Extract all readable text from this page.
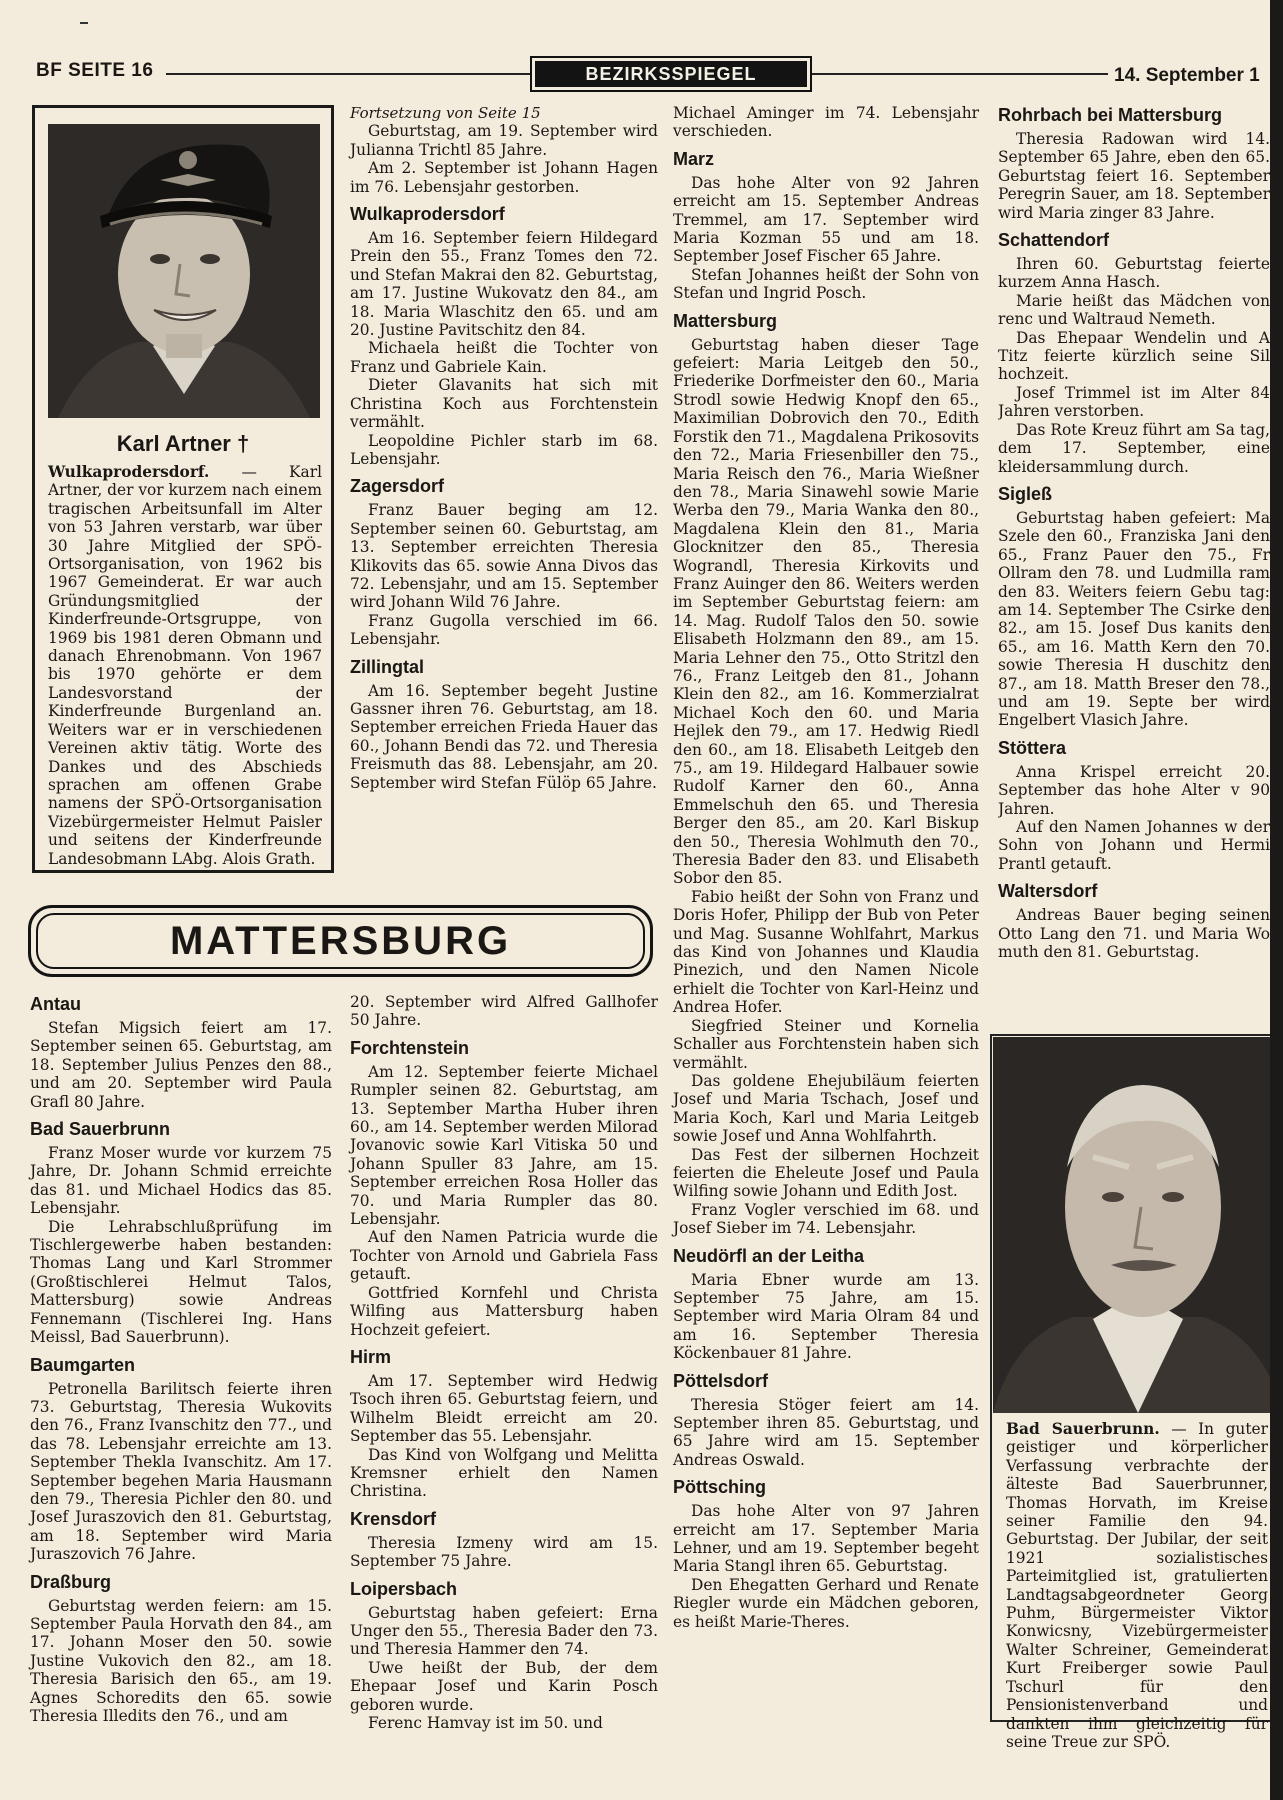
BF SEITE 16	BEZIRKSSPIEGEL	14. September 1
Karl Artner †
Wulkaprodersdorf. — Karl Artner, der vor kurzem nach einem tragischen Arbeitsunfall im Alter von 53 Jahren verstarb, war über 30 Jahre Mitglied der SPÖ-Ortsorganisation, von 1962 bis 1967 Gemeinderat. Er war auch Gründungsmitglied der Kinderfreunde-Ortsgruppe, von 1969 bis 1981 deren Obmann und danach Ehrenobmann. Von 1967 bis 1970 gehörte er dem Landesvorstand der Kinderfreunde Burgenland an. Weiters war er in verschiedenen Vereinen aktiv tätig. Worte des Dankes und des Abschieds sprachen am offenen Grabe namens der SPÖ-Ortsorganisation Vizebürgermeister Helmut Paisler und seitens der Kinderfreunde Landesobmann LAbg. Alois Grath.

Fortsetzung von Seite 15

Geburtstag, am 19. September wird Julianna Trichtl 85 Jahre.

Am 2. September ist Johann Hagen im 76. Lebensjahr gestorben.

Wulkaprodersdorf

Am 16. September feiern Hildegard Prein den 55., Franz Tomes den 72. und Stefan Makrai den 82. Geburtstag, am 17. Justine Wukovatz den 84., am 18. Maria Wlaschitz den 65. und am 20. Justine Pavitschitz den 84.

Michaela heißt die Tochter von Franz und Gabriele Kain.

Dieter Glavanits hat sich mit Christina Koch aus Forchtenstein vermählt.

Leopoldine Pichler starb im 68. Lebensjahr.

Zagersdorf

Franz Bauer beging am 12. September seinen 60. Geburtstag, am 13. September erreichten Theresia Klikovits das 65. sowie Anna Divos das 72. Lebensjahr, und am 15. September wird Johann Wild 76 Jahre.

Franz Gugolla verschied im 66. Lebensjahr.

Zillingtal

Am 16. September begeht Justine Gassner ihren 76. Geburtstag, am 18. September erreichen Frieda Hauer das 60., Johann Bendi das 72. und Theresia Freismuth das 88. Lebensjahr, am 20. September wird Stefan Fülöp 65 Jahre.

Michael Aminger im 74. Lebensjahr verschieden.

Marz

Das hohe Alter von 92 Jahren erreicht am 15. September Andreas Tremmel, am 17. September wird Maria Kozman 55 und am 18. September Josef Fischer 65 Jahre.

Stefan Johannes heißt der Sohn von Stefan und Ingrid Posch.

Mattersburg

Geburtstag haben dieser Tage gefeiert: Maria Leitgeb den 50., Friederike Dorfmeister den 60., Maria Strodl sowie Hedwig Knopf den 65., Maximilian Dobrovich den 70., Edith Forstik den 71., Magdalena Prikosovits den 72., Maria Friesenbiller den 75., Maria Reisch den 76., Maria Wießner den 78., Maria Sinawehl sowie Marie Werba den 79., Maria Wanka den 80., Magdalena Klein den 81., Maria Glocknitzer den 85., Theresia Wograndl, Theresia Kirkovits und Franz Auinger den 86. Weiters werden im September Geburtstag feiern: am 14. Mag. Rudolf Talos den 50. sowie Elisabeth Holzmann den 89., am 15. Maria Lehner den 75., Otto Stritzl den 76., Franz Leitgeb den 81., Johann Klein den 82., am 16. Kommerzialrat Michael Koch den 60. und Maria Hejlek den 79., am 17. Hedwig Riedl den 60., am 18. Elisabeth Leitgeb den 75., am 19. Hildegard Halbauer sowie Rudolf Karner den 60., Anna Emmelschuh den 65. und Theresia Berger den 85., am 20. Karl Biskup den 50., Theresia Wohlmuth den 70., Theresia Bader den 83. und Elisabeth Sobor den 85.

Fabio heißt der Sohn von Franz und Doris Hofer, Philipp der Bub von Peter und Mag. Susanne Wohlfahrt, Markus das Kind von Johannes und Klaudia Pinezich, und den Namen Nicole erhielt die Tochter von Karl-Heinz und Andrea Hofer.

Siegfried Steiner und Kornelia Schaller aus Forchtenstein haben sich vermählt.

Das goldene Ehejubiläum feierten Josef und Maria Tschach, Josef und Maria Koch, Karl und Maria Leitgeb sowie Josef und Anna Wohlfahrth.

Das Fest der silbernen Hochzeit feierten die Eheleute Josef und Paula Wilfing sowie Johann und Edith Jost.

Franz Vogler verschied im 68. und Josef Sieber im 74. Lebensjahr.

Neudörfl an der Leitha

Maria Ebner wurde am 13. September 75 Jahre, am 15. September wird Maria Olram 84 und am 16. September Theresia Köckenbauer 81 Jahre.

Pöttelsdorf

Theresia Stöger feiert am 14. September ihren 85. Geburtstag, und 65 Jahre wird am 15. September Andreas Oswald.

Pöttsching

Das hohe Alter von 97 Jahren erreicht am 17. September Maria Lehner, und am 19. September begeht Maria Stangl ihren 65. Geburtstag.

Den Ehegatten Gerhard und Renate Riegler wurde ein Mädchen geboren, es heißt Marie-Theres.

Rohrbach bei Mattersburg

Theresia Radowan wird 14. September 65 Jahre, eben den 65. Geburtstag feiert 16. September Peregrin Sauer, am 18. September wird Maria zinger 83 Jahre.

Schattendorf

Ihren 60. Geburtstag feierte kurzem Anna Hasch.

Marie heißt das Mädchen von renc und Waltraud Nemeth.

Das Ehepaar Wendelin und A Titz feierte kürzlich seine Sil hochzeit.

Josef Trimmel ist im Alter 84 Jahren verstorben.

Das Rote Kreuz führt am Sa tag, dem 17. September, eine kleidersammlung durch.

Sigleß

Geburtstag haben gefeiert: Ma Szele den 60., Franziska Jani den 65., Franz Pauer den 75., Fr Ollram den 78. und Ludmilla ram den 83. Weiters feiern Gebu tag: am 14. September The Csirke den 82., am 15. Josef Dus kanits den 65., am 16. Matth Kern den 70. sowie Theresia H duschitz den 87., am 18. Matth Breser den 78., und am 19. Septe ber wird Engelbert Vlasich Jahre.

Stöttera

Anna Krispel erreicht 20. September das hohe Alter v 90 Jahren.

Auf den Namen Johannes w der Sohn von Johann und Hermi Prantl getauft.

Waltersdorf

Andreas Bauer beging seinen Otto Lang den 71. und Maria Wo muth den 81. Geburtstag.

Bad Sauerbrunn. — In guter geistiger und körperlicher Verfassung verbrachte der älteste Bad Sauerbrunner, Thomas Horvath, im Kreise seiner Familie den 94. Geburtstag. Der Jubilar, der seit 1921 sozialistisches Parteimitglied ist, gratulierten Landtagsabgeordneter Georg Puhm, Bürgermeister Viktor Konwicsny, Vizebürgermeister Walter Schreiner, Gemeinderat Kurt Freiberger sowie Paul Tschurl für den Pensionistenverband und dankten ihm gleichzeitig für seine Treue zur SPÖ.
MATTERSBURG
Antau

Stefan Migsich feiert am 17. September seinen 65. Geburtstag, am 18. September Julius Penzes den 88., und am 20. September wird Paula Grafl 80 Jahre.

Bad Sauerbrunn

Franz Moser wurde vor kurzem 75 Jahre, Dr. Johann Schmid erreichte das 81. und Michael Hodics das 85. Lebensjahr.

Die Lehrabschlußprüfung im Tischlergewerbe haben bestanden: Thomas Lang und Karl Strommer (Großtischlerei Helmut Talos, Mattersburg) sowie Andreas Fennemann (Tischlerei Ing. Hans Meissl, Bad Sauerbrunn).

Baumgarten

Petronella Barilitsch feierte ihren 73. Geburtstag, Theresia Wukovits den 76., Franz Ivanschitz den 77., und das 78. Lebensjahr erreichte am 13. September Thekla Ivanschitz. Am 17. September begehen Maria Hausmann den 79., Theresia Pichler den 80. und Josef Juraszovich den 81. Geburtstag, am 18. September wird Maria Juraszovich 76 Jahre.

Draßburg

Geburtstag werden feiern: am 15. September Paula Horvath den 84., am 17. Johann Moser den 50. sowie Justine Vukovich den 82., am 18. Theresia Barisich den 65., am 19. Agnes Schoredits den 65. sowie Theresia Illedits den 76., und am

20. September wird Alfred Gallhofer 50 Jahre.

Forchtenstein

Am 12. September feierte Michael Rumpler seinen 82. Geburtstag, am 13. September Martha Huber ihren 60., am 14. September werden Milorad Jovanovic sowie Karl Vitiska 50 und Johann Spuller 83 Jahre, am 15. September erreichen Rosa Holler das 70. und Maria Rumpler das 80. Lebensjahr.

Auf den Namen Patricia wurde die Tochter von Arnold und Gabriela Fass getauft.

Gottfried Kornfehl und Christa Wilfing aus Mattersburg haben Hochzeit gefeiert.

Hirm

Am 17. September wird Hedwig Tsoch ihren 65. Geburtstag feiern, und Wilhelm Bleidt erreicht am 20. September das 55. Lebensjahr.

Das Kind von Wolfgang und Melitta Kremsner erhielt den Namen Christina.

Krensdorf

Theresia Izmeny wird am 15. September 75 Jahre.

Loipersbach

Geburtstag haben gefeiert: Erna Unger den 55., Theresia Bader den 73. und Theresia Hammer den 74.

Uwe heißt der Bub, der dem Ehepaar Josef und Karin Posch geboren wurde.

Ferenc Hamvay ist im 50. und
